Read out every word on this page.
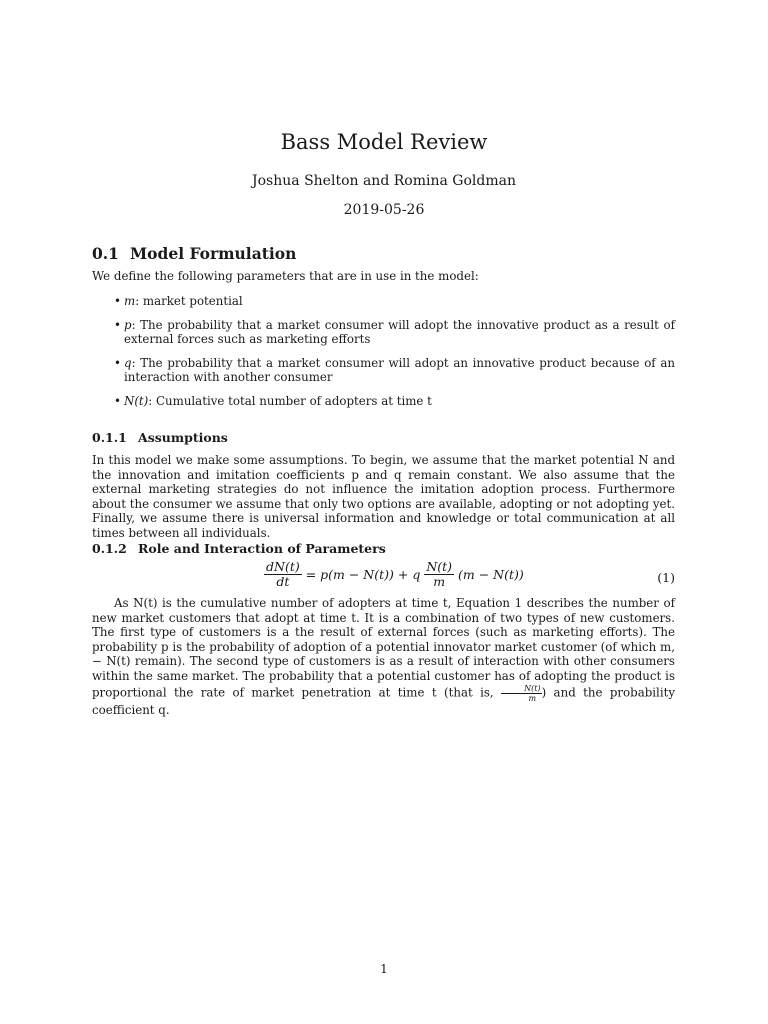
Bass Model Review
Joshua Shelton and Romina Goldman
2019-05-26
0.1 Model Formulation
We define the following parameters that are in use in the model:
• m: market potential
• p: The probability that a market consumer will adopt the innovative product as a result of external forces such as marketing efforts
• q: The probability that a market consumer will adopt an innovative product because of an interaction with another consumer
• N(t): Cumulative total number of adopters at time t
0.1.1 Assumptions
In this model we make some assumptions. To begin, we assume that the market potential N and the innovation and imitation coefficients p and q remain constant. We also assume that the external marketing strategies do not influence the imitation adoption process. Furthermore about the consumer we assume that only two options are available, adopting or not adopting yet. Finally, we assume there is universal information and knowledge or total communication at all times between all individuals.
0.1.2 Role and Interaction of Parameters
$\frac{dN(t)}{dt} = p(m - N(t)) + q \frac{N(t)}{m} (m - N(t))$	(1)
As N(t) is the cumulative number of adopters at time t, Equation 1 describes the number of new market customers that adopt at time t. It is a combination of two types of new customers. The first type of customers is a the result of external forces (such as marketing efforts). The probability p is the probability of adoption of a potential innovator market customer (of which m, − N(t) remain). The second type of customers is as a result of interaction with other consumers within the same market. The probability that a potential customer has of adopting the product is proportional the rate of market penetration at time t (that is, $\frac{N(t)}{m}$ ) and the probability coefficient q.
1
